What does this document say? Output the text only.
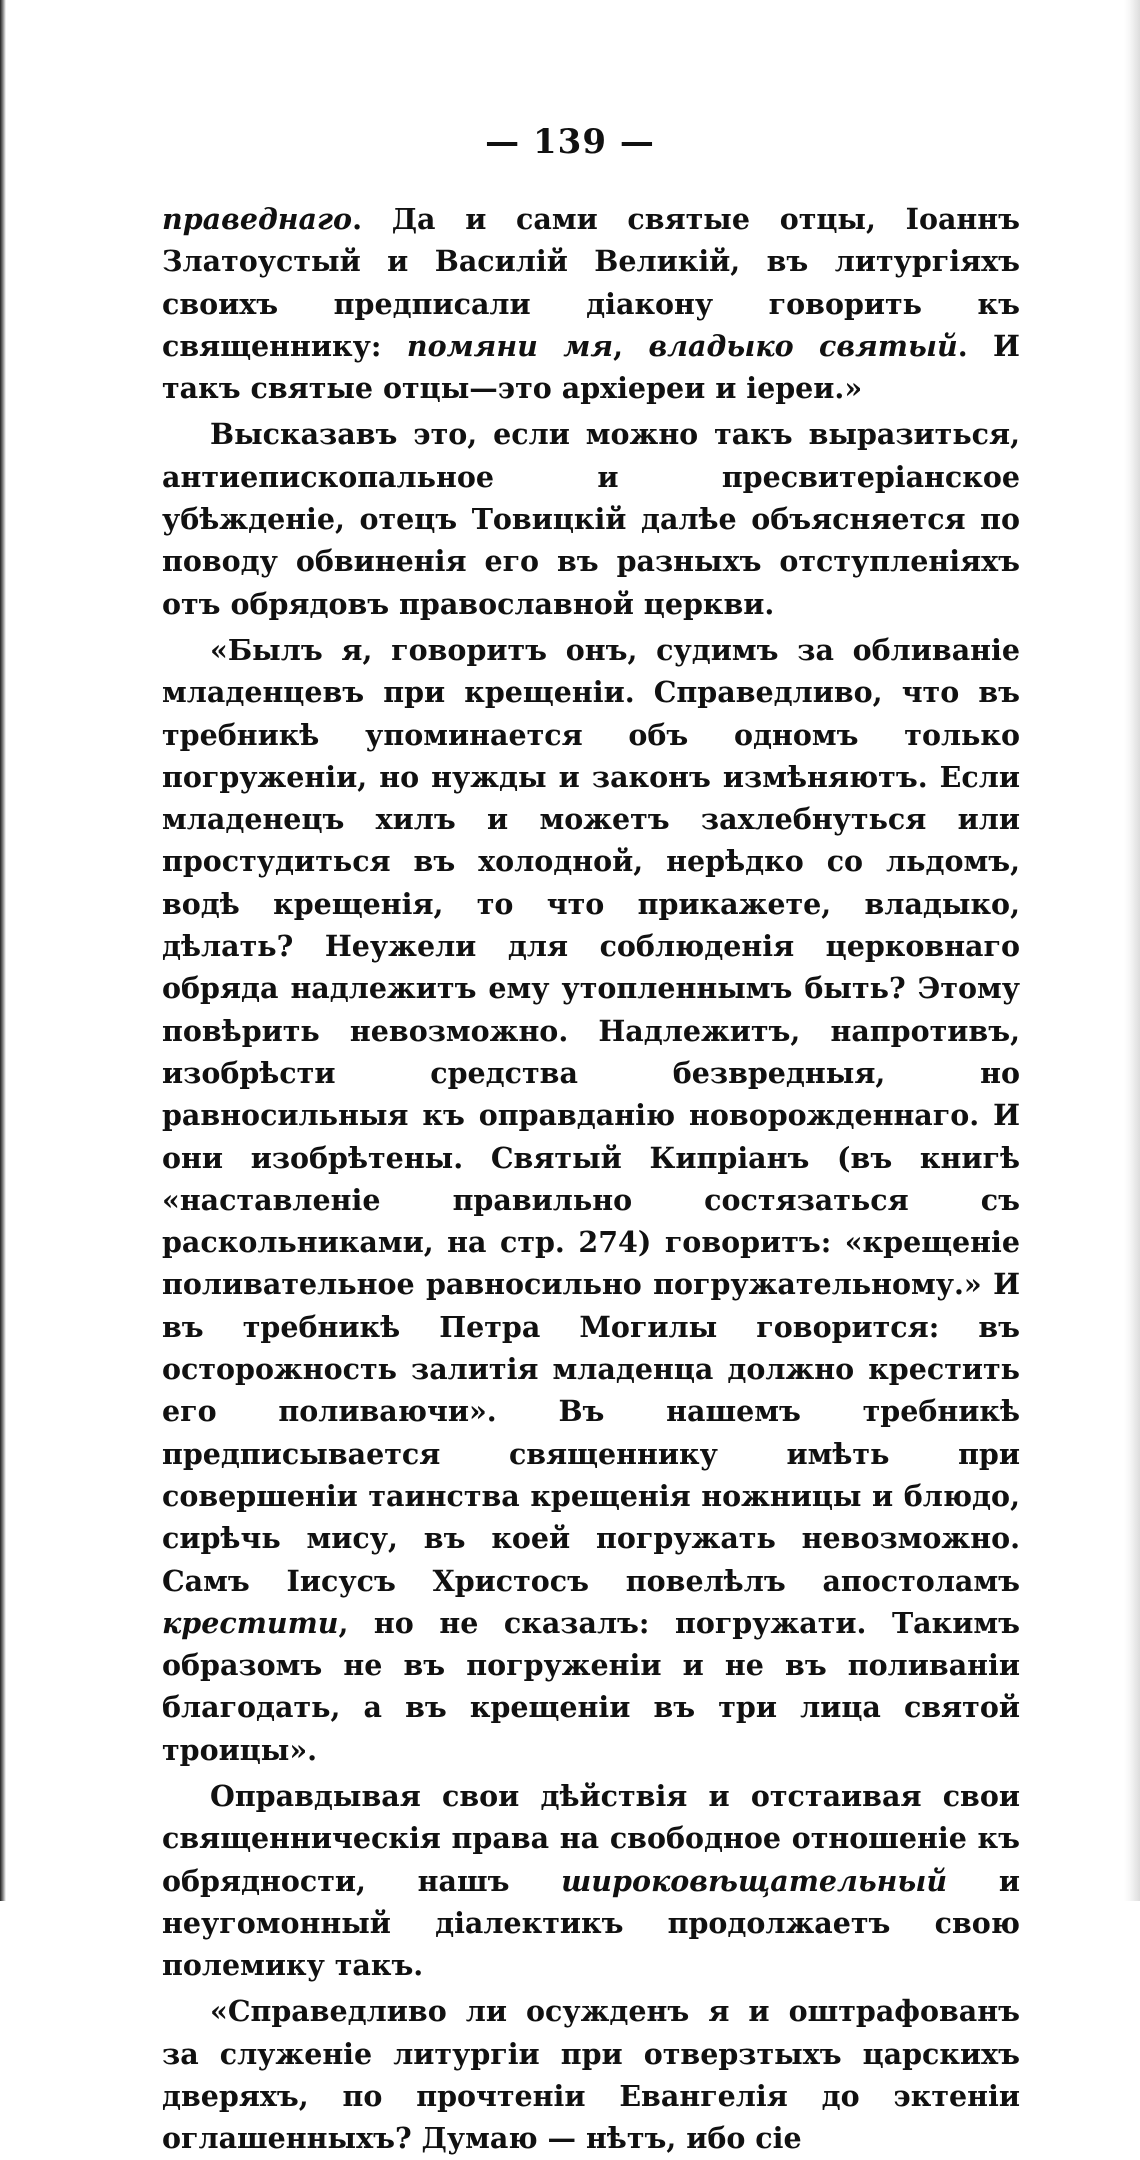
— 139 —

праведнаго. Да и сами святые отцы, Іоаннъ Златоустый и Василій Великій, въ литургіяхъ своихъ предписали діакону говорить къ священнику: помяни мя, владыко святый. И такъ святые отцы—это архіереи и іереи.»

Высказавъ это, если можно такъ выразиться, антиепископальное и пресвитеріанское убѣжденіе, отецъ Товицкій далѣе объясняется по поводу обвиненія его въ разныхъ отступленіяхъ отъ обрядовъ православной церкви.

«Былъ я, говоритъ онъ, судимъ за обливаніе младенцевъ при крещеніи. Справедливо, что въ требникѣ упоминается объ одномъ только погруженіи, но нужды и законъ измѣняютъ. Если младенецъ хилъ и можетъ захлебнуться или простудиться въ холодной, нерѣдко со льдомъ, водѣ крещенія, то что прикажете, владыко, дѣлать? Неужели для соблюденія церковнаго обряда надлежитъ ему утопленнымъ быть? Этому повѣрить невозможно. Надлежитъ, напротивъ, изобрѣсти средства безвредныя, но равносильныя къ оправданію новорожденнаго. И они изобрѣтены. Святый Кипріанъ (въ книгѣ «наставленіе правильно состязаться съ раскольниками, на стр. 274) говоритъ: «крещеніе поливательное равносильно погружательному.» И въ требникѣ Петра Могилы говорится: въ осторожность залитія младенца должно крестить его поливаючи». Въ нашемъ требникѣ предписывается священнику имѣть при совершеніи таинства крещенія ножницы и блюдо, сирѣчь мису, въ коей погружать невозможно. Самъ Іисусъ Христосъ повелѣлъ апостоламъ крестити, но не сказалъ: погружати. Такимъ образомъ не въ погруженіи и не въ поливаніи благодать, а въ крещеніи въ три лица святой троицы».

Оправдывая свои дѣйствія и отстаивая свои священническія права на свободное отношеніе къ обрядности, нашъ широковѣщательный и неугомонный діалектикъ продолжаетъ свою полемику такъ.

«Справедливо ли осужденъ я и оштрафованъ за служеніе литургіи при отверзтыхъ царскихъ дверяхъ, по прочтеніи Евангелія до эктеніи оглашенныхъ? Думаю — нѣтъ, ибо сіе
